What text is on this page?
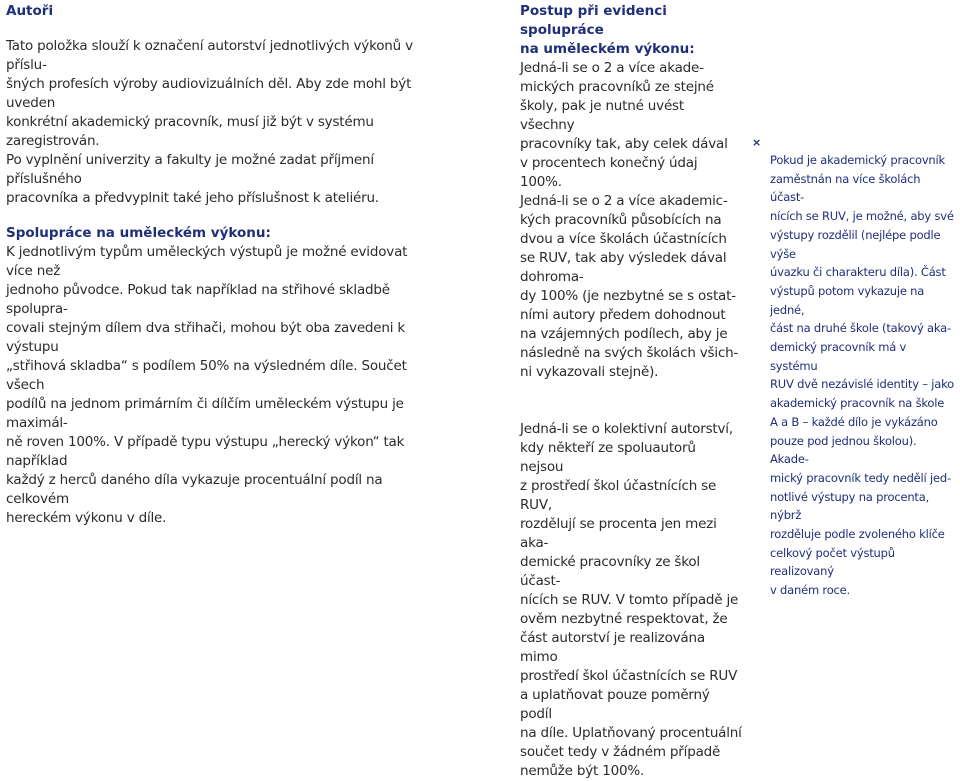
Autoři

Tato položka slouží k označení autorství jednotlivých výkonů v příslu-
šných profesích výroby audiovizuálních děl. Aby zde mohl být uveden
konkrétní akademický pracovník, musí již být v systému zaregistrován.
Po vyplnění univerzity a fakulty je možné zadat příjmení příslušného
pracovníka a předvyplnit také jeho příslušnost k ateliéru.

Spolupráce na uměleckém výkonu:

K jednotlivým typům uměleckých výstupů je možné evidovat více než
jednoho původce. Pokud tak například na střihové skladbě spolupra-
covali stejným dílem dva střihači, mohou být oba zavedeni k výstupu
„střihová skladba“ s podílem 50% na výsledném díle. Součet všech
podílů na jednom primárním či dílčím uměleckém výstupu je maximál-
ně roven 100%. V případě typu výstupu „herecký výkon“ tak například
každý z herců daného díla vykazuje procentuální podíl na celkovém
hereckém výkonu v díle.

Postup při evidenci spolupráce
na uměleckém výkonu:

Jedná-li se o 2 a více akade-
mických pracovníků ze stejné
školy, pak je nutné uvést všechny
pracovníky tak, aby celek dával
v procentech konečný údaj 100%.

Jedná-li se o 2 a více akademic-
kých pracovníků působících na
dvou a více školách účastnících
se RUV, tak aby výsledek dával dohroma-
dy 100% (je nezbytné se s ostat-
ními autory předem dohodnout
na vzájemných podílech, aby je
následně na svých školách všich-
ni vykazovali stejně).

Jedná-li se o kolektivní autorství,
kdy někteří ze spoluautorů nejsou
z prostředí škol účastnících se RUV,
rozdělují se procenta jen mezi aka-
demické pracovníky ze škol účast-
nících se RUV. V tomto případě je
ověm nezbytné respektovat, že
část autorství je realizována mimo
prostředí škol účastnících se RUV
a uplatňovat pouze poměrný podíl
na díle. Uplatňovaný procentuální
součet tedy v žádném případě
nemůže být 100%.

×

Pokud je akademický pracovník
zaměstnán na více školách účast-
nících se RUV, je možné, aby své
výstupy rozdělil (nejlépe podle výše
úvazku či charakteru díla). Část
výstupů potom vykazuje na jedné,
část na druhé škole (takový aka-
demický pracovník má v systému
RUV dvě nezávislé identity – jako
akademický pracovník na škole
A a B – každé dílo je vykázáno
pouze pod jednou školou). Akade-
mický pracovník tedy nedělí jed-
notlivé výstupy na procenta, nýbrž
rozděluje podle zvoleného klíče
celkový počet výstupů realizovaný
v daném roce.
